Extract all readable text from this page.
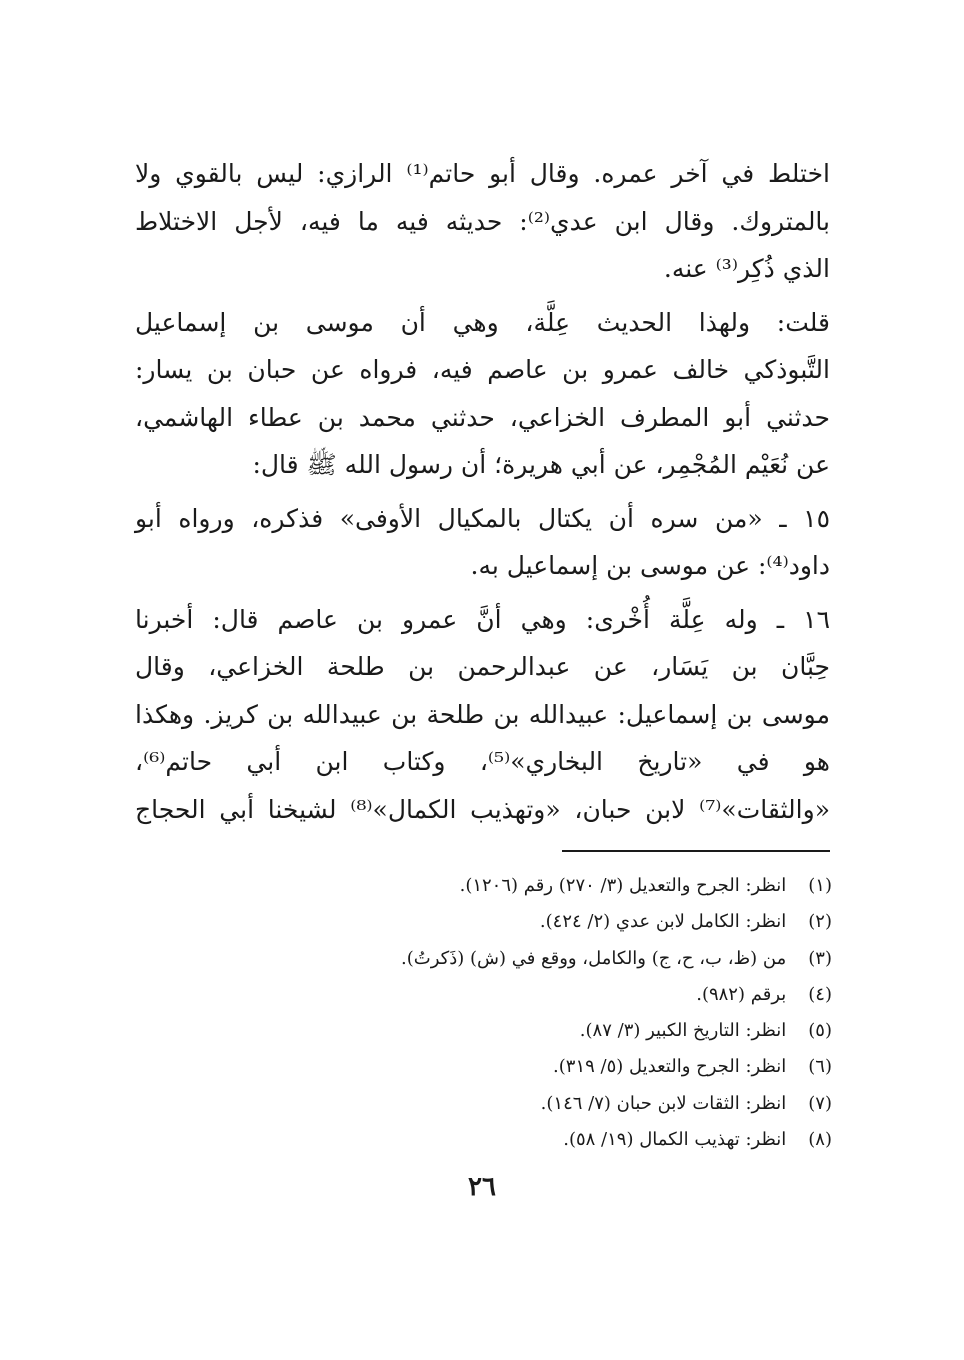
اختلط في آخر عمره. وقال أبو حاتم⁽¹⁾ الرازي: ليس بالقوي ولا
بالمتروك. وقال ابن عدي⁽²⁾: حديثه فيه ما فيه، لأجل الاختلاط
الذي ذُكِر⁽³⁾ عنه.

قلت: ولهذا الحديث عِلَّة، وهي أن موسى بن إسماعيل
التَّبوذكي خالف عمرو بن عاصم فيه، فرواه عن حبان بن يسار:
حدثني أبو المطرف الخزاعي، حدثني محمد بن عطاء الهاشمي،
عن نُعَيْم المُجْمِر، عن أبي هريرة؛ أن رسول الله ﷺ قال:

١٥ ـ «من سره أن يكتال بالمكيال الأوفى» فذكره، ورواه أبو
داود⁽⁴⁾: عن موسى بن إسماعيل به.

١٦ ـ وله عِلَّة أُخْرى: وهي أنَّ عمرو بن عاصم قال: أخبرنا
حِبَّان بن يَسَار، عن عبدالرحمن بن طلحة الخزاعي، وقال
موسى بن إسماعيل: عبيدالله بن طلحة بن عبيدالله بن كريز. وهكذا
هو في «تاريخ البخاري»⁽⁵⁾، وكتاب ابن أبي حاتم⁽⁶⁾،
«والثقات»⁽⁷⁾ لابن حبان، «وتهذيب الكمال»⁽⁸⁾ لشيخنا أبي الحجاج

(١) انظر: الجرح والتعديل (٣/ ٢٧٠) رقم (١٢٠٦).
(٢) انظر: الكامل لابن عدي (٢/ ٤٢٤).
(٣) من (ظ، ب، ح، ج) والكامل، ووقع في (ش) (ذَكرتُ).
(٤) برقم (٩٨٢).
(٥) انظر: التاريخ الكبير (٣/ ٨٧).
(٦) انظر: الجرح والتعديل (٥/ ٣١٩).
(٧) انظر: الثقات لابن حبان (٧/ ١٤٦).
(٨) انظر: تهذيب الكمال (١٩/ ٥٨).
٢٦
